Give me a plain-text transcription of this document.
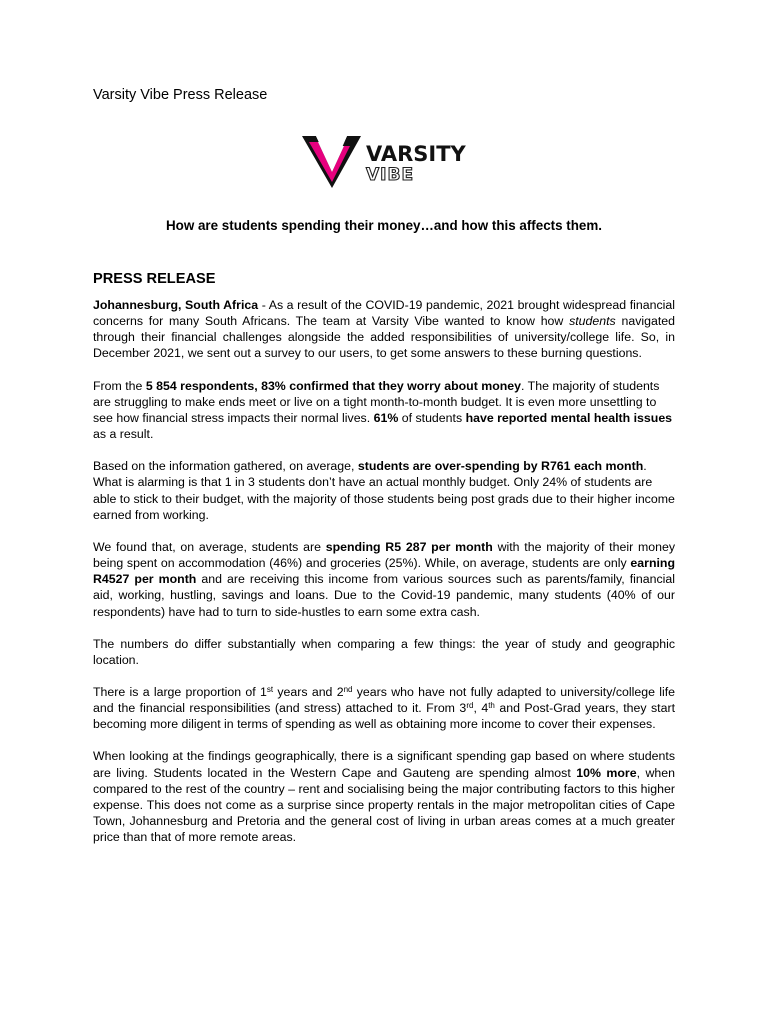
Varsity Vibe Press Release
VARSITY
VIBE
How are students spending their money…and how this affects them.
PRESS RELEASE

Johannesburg, South Africa - As a result of the COVID-19 pandemic, 2021 brought widespread financial concerns for many South Africans. The team at Varsity Vibe wanted to know how students navigated through their financial challenges alongside the added responsibilities of university/college life. So, in December 2021, we sent out a survey to our users, to get some answers to these burning questions.

From the 5 854 respondents, 83% confirmed that they worry about money. The majority of students are struggling to make ends meet or live on a tight month-to-month budget. It is even more unsettling to see how financial stress impacts their normal lives. 61% of students have reported mental health issues as a result.

Based on the information gathered, on average, students are over-spending by R761 each month. What is alarming is that 1 in 3 students don’t have an actual monthly budget. Only 24% of students are able to stick to their budget, with the majority of those students being post grads due to their higher income earned from working.

We found that, on average, students are spending R5 287 per month with the majority of their money being spent on accommodation (46%) and groceries (25%). While, on average, students are only earning R4527 per month and are receiving this income from various sources such as parents/family, financial aid, working, hustling, savings and loans. Due to the Covid-19 pandemic, many students (40% of our respondents) have had to turn to side-hustles to earn some extra cash.

The numbers do differ substantially when comparing a few things: the year of study and geographic location.

There is a large proportion of 1st years and 2nd years who have not fully adapted to university/college life and the financial responsibilities (and stress) attached to it. From 3rd, 4th and Post-Grad years, they start becoming more diligent in terms of spending as well as obtaining more income to cover their expenses.

When looking at the findings geographically, there is a significant spending gap based on where students are living. Students located in the Western Cape and Gauteng are spending almost 10% more, when compared to the rest of the country – rent and socialising being the major contributing factors to this higher expense. This does not come as a surprise since property rentals in the major metropolitan cities of Cape Town, Johannesburg and Pretoria and the general cost of living in urban areas comes at a much greater price than that of more remote areas.
